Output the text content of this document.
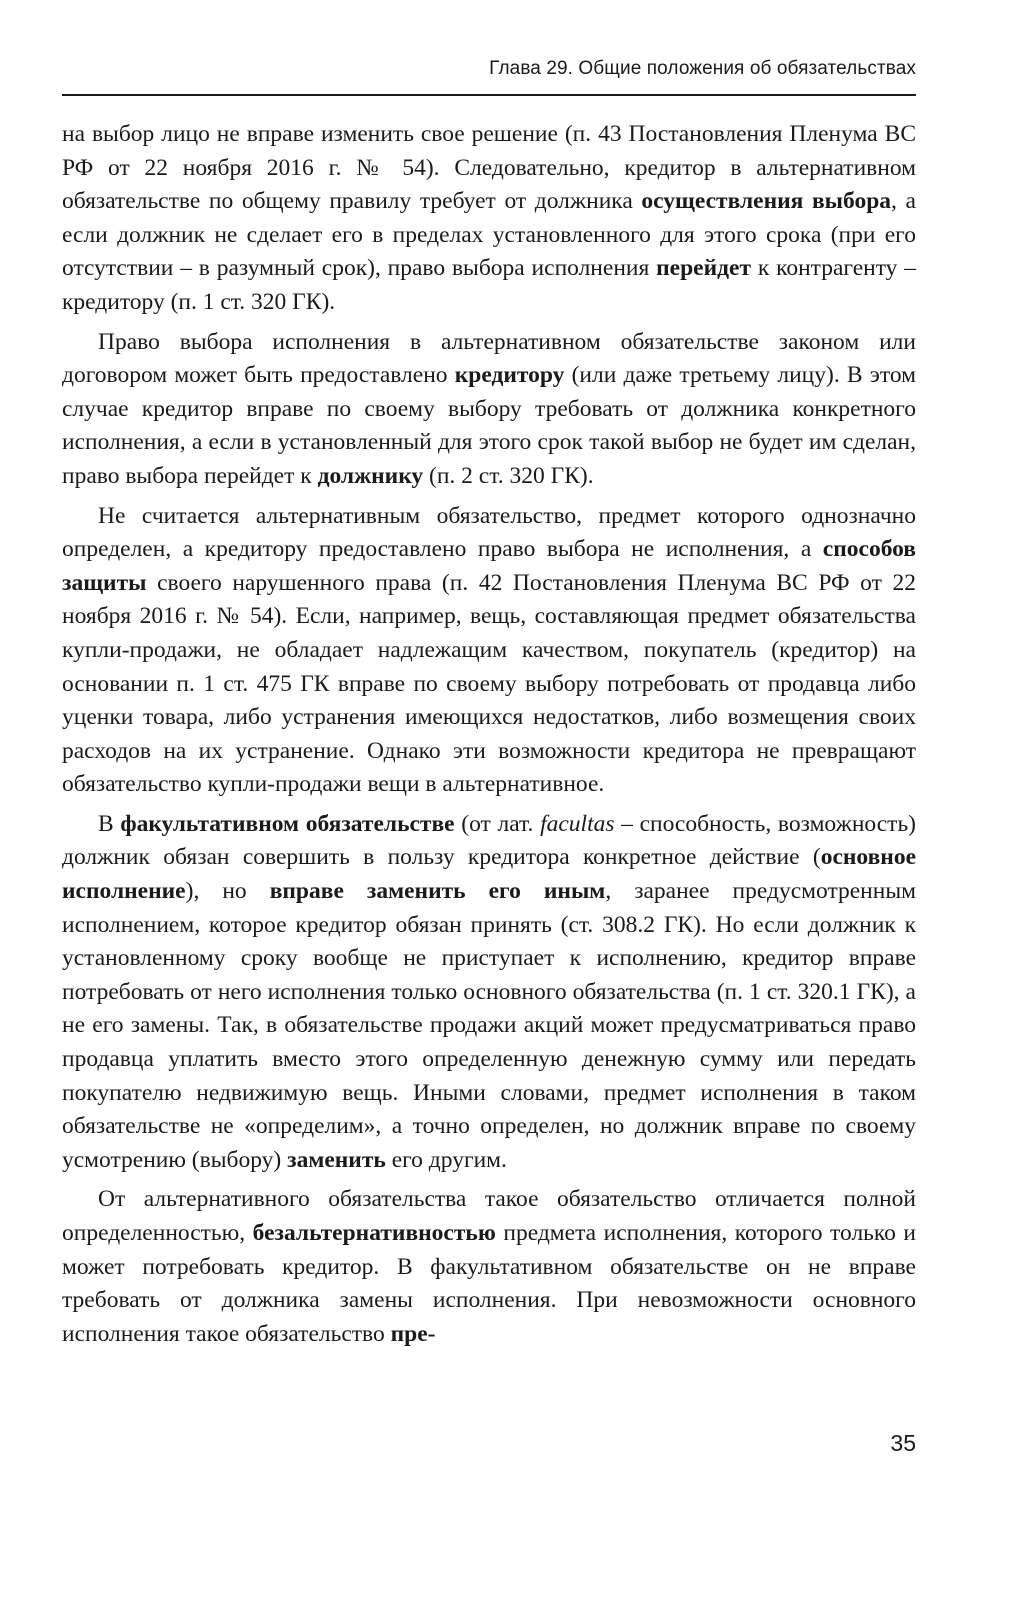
Глава 29. Общие положения об обязательствах

на выбор лицо не вправе изменить свое решение (п. 43 Постановления Пленума ВС РФ от 22 ноября 2016 г. № 54). Следовательно, кредитор в альтернативном обязательстве по общему правилу требует от должника осуществления выбора, а если должник не сделает его в пределах установленного для этого срока (при его отсутствии – в разумный срок), право выбора исполнения перейдет к контрагенту – кредитору (п. 1 ст. 320 ГК).

Право выбора исполнения в альтернативном обязательстве законом или договором может быть предоставлено кредитору (или даже третьему лицу). В этом случае кредитор вправе по своему выбору требовать от должника конкретного исполнения, а если в установленный для этого срок такой выбор не будет им сделан, право выбора перейдет к должнику (п. 2 ст. 320 ГК).

Не считается альтернативным обязательство, предмет которого однозначно определен, а кредитору предоставлено право выбора не исполнения, а способов защиты своего нарушенного права (п. 42 Постановления Пленума ВС РФ от 22 ноября 2016 г. № 54). Если, например, вещь, составляющая предмет обязательства купли-продажи, не обладает надлежащим качеством, покупатель (кредитор) на основании п. 1 ст. 475 ГК вправе по своему выбору потребовать от продавца либо уценки товара, либо устранения имеющихся недостатков, либо возмещения своих расходов на их устранение. Однако эти возможности кредитора не превращают обязательство купли-продажи вещи в альтернативное.

В факультативном обязательстве (от лат. facultas – способность, возможность) должник обязан совершить в пользу кредитора конкретное действие (основное исполнение), но вправе заменить его иным, заранее предусмотренным исполнением, которое кредитор обязан принять (ст. 308.2 ГК). Но если должник к установленному сроку вообще не приступает к исполнению, кредитор вправе потребовать от него исполнения только основного обязательства (п. 1 ст. 320.1 ГК), а не его замены. Так, в обязательстве продажи акций может предусматриваться право продавца уплатить вместо этого определенную денежную сумму или передать покупателю недвижимую вещь. Иными словами, предмет исполнения в таком обязательстве не «определим», а точно определен, но должник вправе по своему усмотрению (выбору) заменить его другим.

От альтернативного обязательства такое обязательство отличается полной определенностью, безальтернативностью предмета исполнения, которого только и может потребовать кредитор. В факультативном обязательстве он не вправе требовать от должника замены исполнения. При невозможности основного исполнения такое обязательство пре-

35
